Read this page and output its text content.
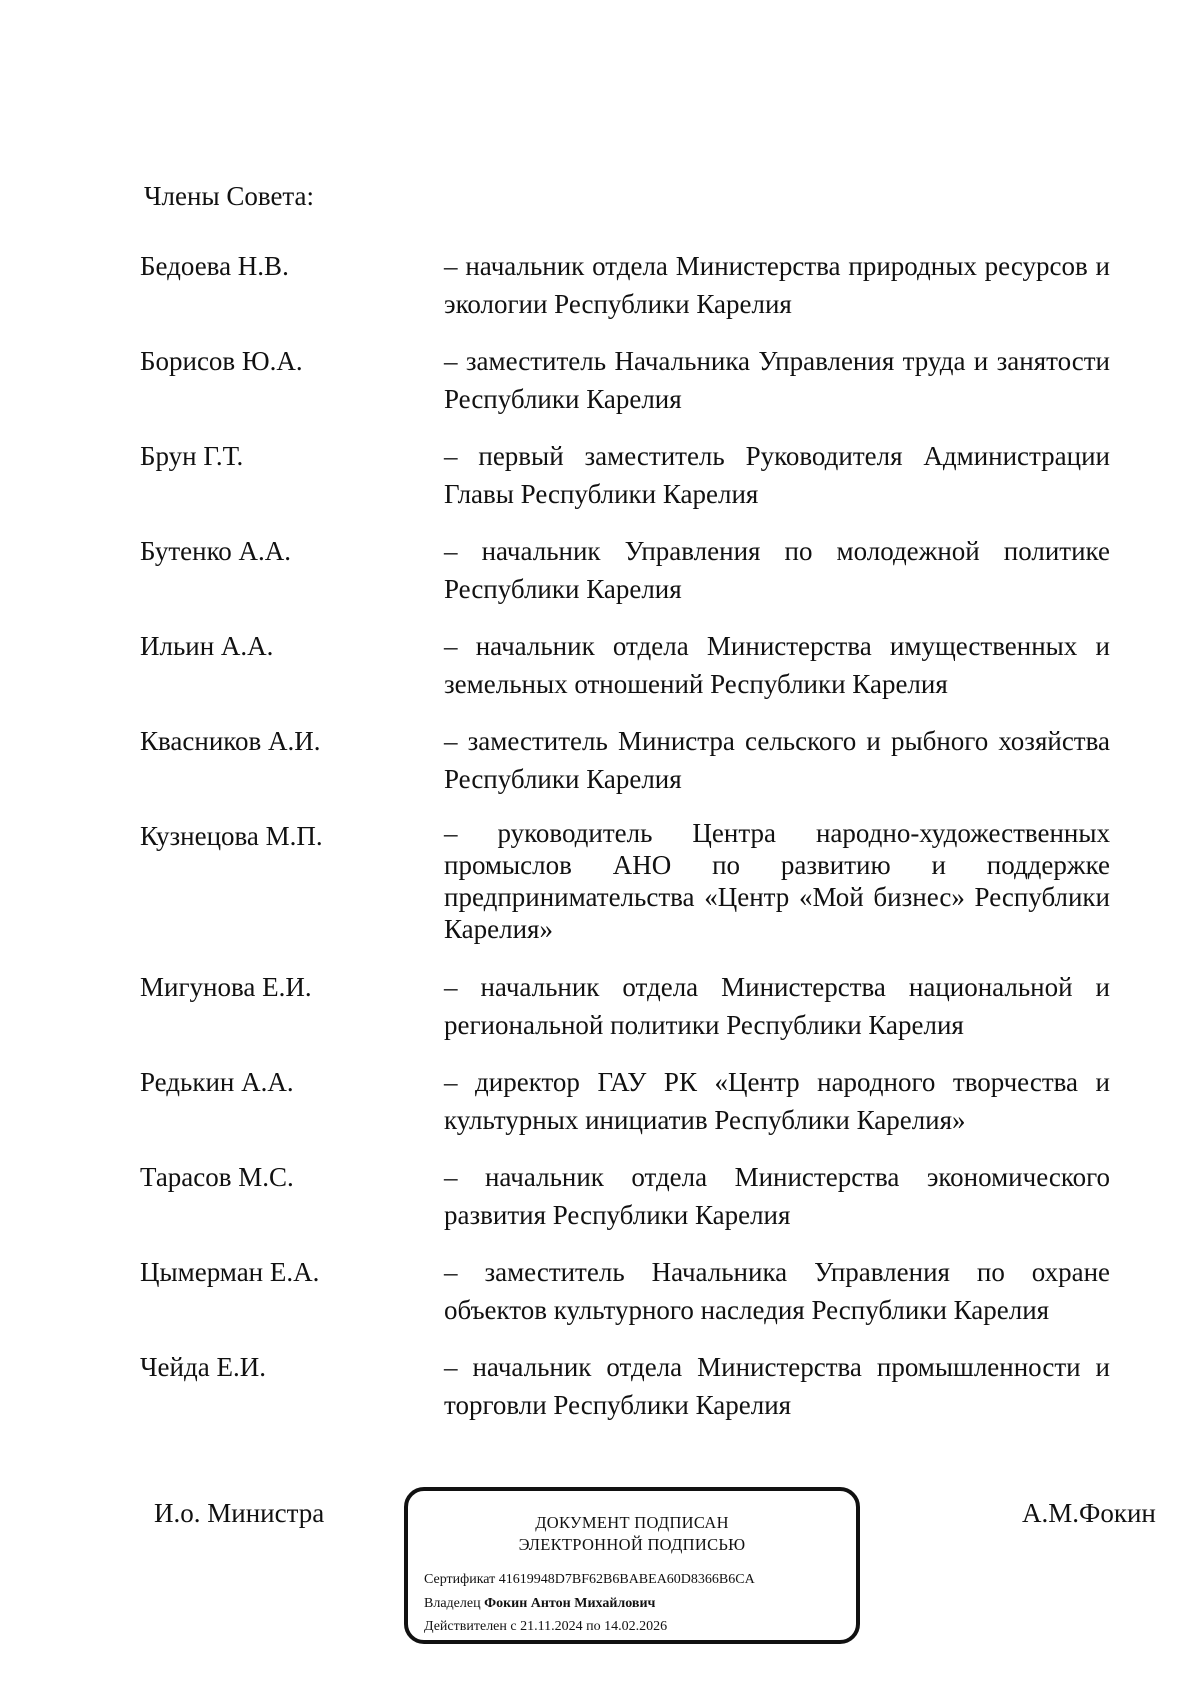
Члены Совета:
Бедоева Н.В.	– начальник отдела Министерства природных ресурсов и экологии Республики Карелия
Борисов Ю.А.	– заместитель Начальника Управления труда и занятости Республики Карелия
Брун Г.Т.	– первый заместитель Руководителя Администрации Главы Республики Карелия
Бутенко А.А.	– начальник Управления по молодежной политике Республики Карелия
Ильин А.А.	– начальник отдела Министерства имущественных и земельных отношений Республики Карелия
Квасников А.И.	– заместитель Министра сельского и рыбного хозяйства Республики Карелия
Кузнецова М.П.	– руководитель Центра народно-художественных промыслов АНО по развитию и поддержке предпринимательства «Центр «Мой бизнес» Республики Карелия»
Мигунова Е.И.	– начальник отдела Министерства национальной и региональной политики Республики Карелия
Редькин А.А.	– директор ГАУ РК «Центр народного творчества и культурных инициатив Республики Карелия»
Тарасов М.С.	– начальник отдела Министерства экономического развития Республики Карелия
Цымерман Е.А.	– заместитель Начальника Управления по охране объектов культурного наследия Республики Карелия
Чейда Е.И.	– начальник отдела Министерства промышленности и торговли Республики Карелия
И.о. Министра	ДОКУМЕНТ ПОДПИСАН
ЭЛЕКТРОННОЙ ПОДПИСЬЮ
Сертификат 41619948D7BF62B6BABEA60D8366B6CA
Владелец Фокин Антон Михайлович
Действителен с 21.11.2024 по 14.02.2026
А.М.Фокин
